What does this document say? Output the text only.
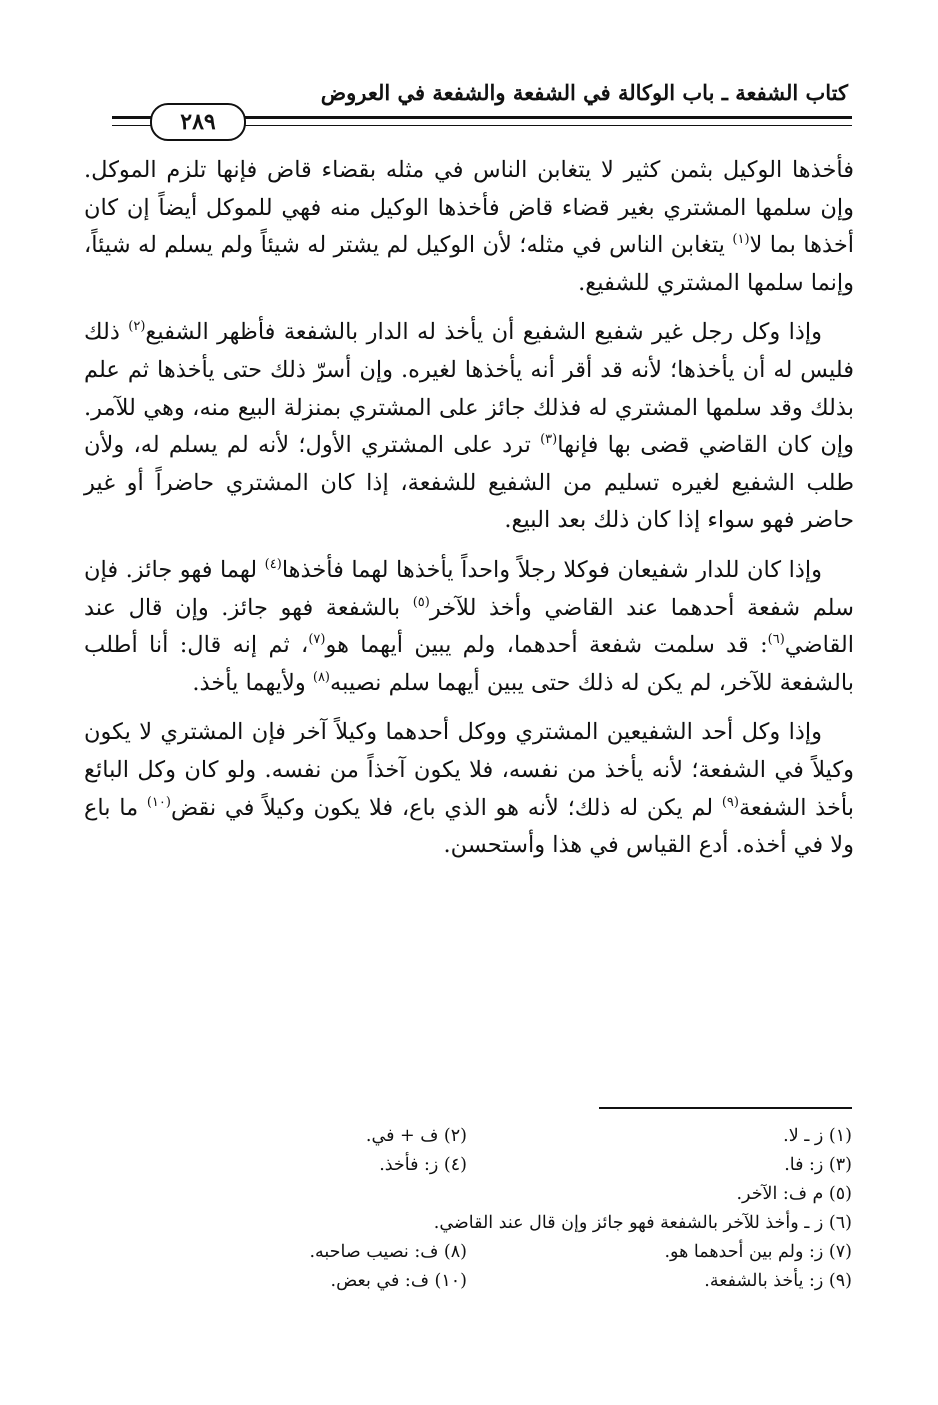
كتاب الشفعة ـ باب الوكالة في الشفعة والشفعة في العروض
٢٨٩

فأخذها الوكيل بثمن كثير لا يتغابن الناس في مثله بقضاء قاض فإنها تلزم الموكل. وإن سلمها المشتري بغير قضاء قاض فأخذها الوكيل منه فهي للموكل أيضاً إن كان أخذها بما لا$^{(١)}$ يتغابن الناس في مثله؛ لأن الوكيل لم يشتر له شيئاً ولم يسلم له شيئاً، وإنما سلمها المشتري للشفيع.

وإذا وكل رجل غير شفيع الشفيع أن يأخذ له الدار بالشفعة فأظهر الشفيع$^{(٢)}$ ذلك فليس له أن يأخذها؛ لأنه قد أقر أنه يأخذها لغيره. وإن أسرّ ذلك حتى يأخذها ثم علم بذلك وقد سلمها المشتري له فذلك جائز على المشتري بمنزلة البيع منه، وهي للآمر. وإن كان القاضي قضى بها فإنها$^{(٣)}$ ترد على المشتري الأول؛ لأنه لم يسلم له، ولأن طلب الشفيع لغيره تسليم من الشفيع للشفعة، إذا كان المشتري حاضراً أو غير حاضر فهو سواء إذا كان ذلك بعد البيع.

وإذا كان للدار شفيعان فوكلا رجلاً واحداً يأخذها لهما فأخذها$^{(٤)}$ لهما فهو جائز. فإن سلم شفعة أحدهما عند القاضي وأخذ للآخر$^{(٥)}$ بالشفعة فهو جائز. وإن قال عند القاضي$^{(٦)}$: قد سلمت شفعة أحدهما، ولم يبين أيهما هو$^{(٧)}$، ثم إنه قال: أنا أطلب بالشفعة للآخر، لم يكن له ذلك حتى يبين أيهما سلم نصيبه$^{(٨)}$ ولأيهما يأخذ.

وإذا وكل أحد الشفيعين المشتري ووكل أحدهما وكيلاً آخر فإن المشتري لا يكون وكيلاً في الشفعة؛ لأنه يأخذ من نفسه، فلا يكون آخذاً من نفسه. ولو كان وكل البائع بأخذ الشفعة$^{(٩)}$ لم يكن له ذلك؛ لأنه هو الذي باع، فلا يكون وكيلاً في نقض$^{(١٠)}$ ما باع ولا في أخذه. أدع القياس في هذا وأستحسن.

(١) ز ـ لا.
(٢) ف + في.
(٣) ز: فا.
(٤) ز: فأخذ.
(٥) م ف: الآخر.
(٦) ز ـ وأخذ للآخر بالشفعة فهو جائز وإن قال عند القاضي.
(٧) ز: ولم بين أحدهما هو.
(٨) ف: نصيب صاحبه.
(٩) ز: يأخذ بالشفعة.
(١٠) ف: في بعض.
